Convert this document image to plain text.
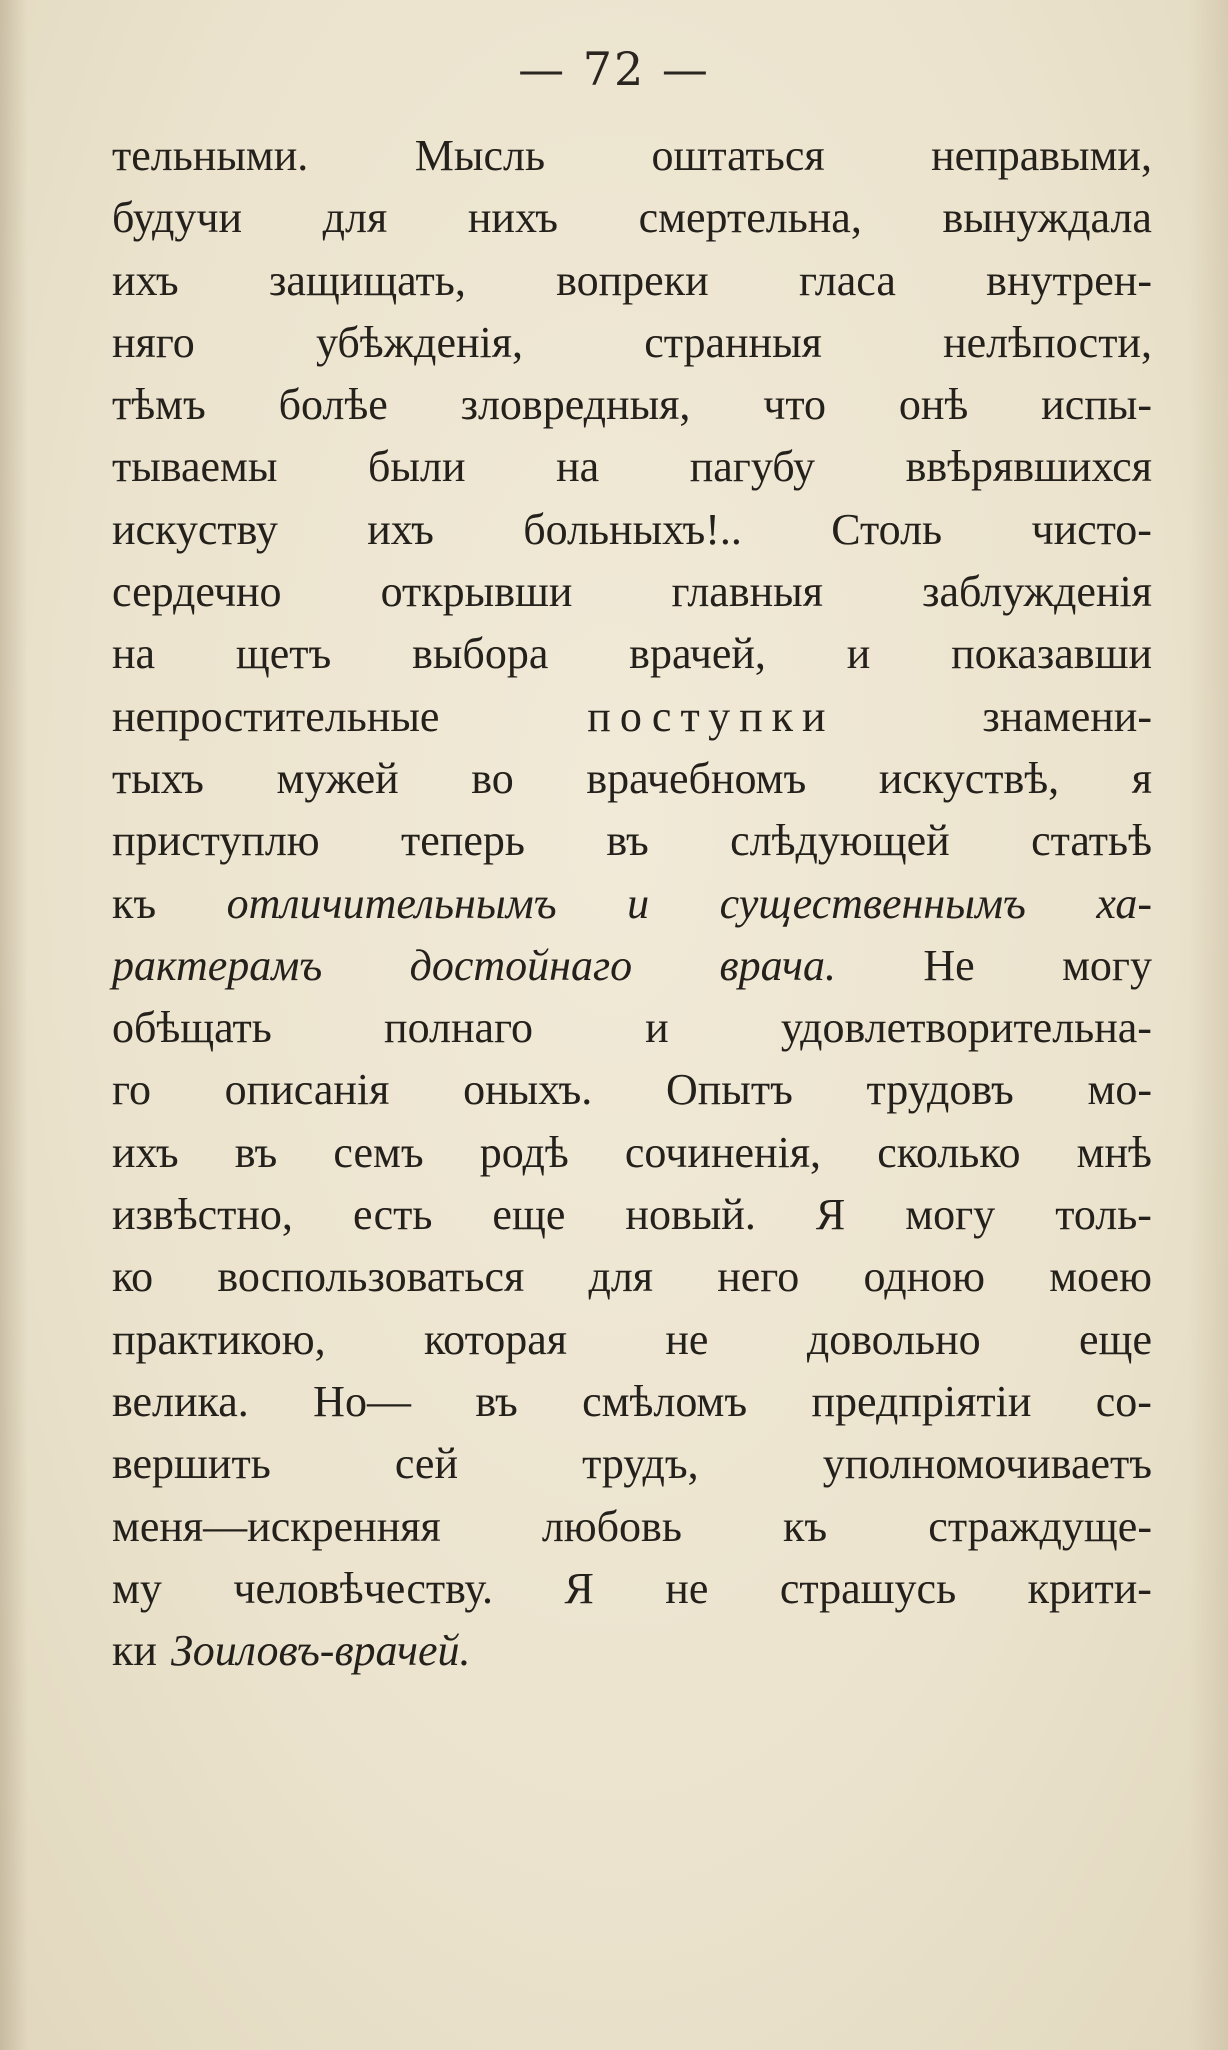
— 72 —
тельными. Мысль оштаться неправыми,
будучи для нихъ смертельна, вынуждала
ихъ защищать, вопреки гласа внутрен-
няго	убѣжденія,	странныя	нелѣпости,
тѣмъ болѣе зловредныя, что онѣ испы-
тываемы были на пагубу ввѣрявшихся
искуству ихъ больныхъ!.. Столь чисто-
сердечно открывши главныя заблужденія
на щетъ выбора врачей, и показавши
непростительные	поступки	знамени-
тыхъ мужей во врачебномъ искуствѣ, я
приступлю теперь въ слѣдующей статьѣ
къ отличительнымъ и существеннымъ ха-
рактерамъ достойнаго врача. Не могу
обѣщать	полнаго	и	удовлетворительна-
го описанія оныхъ. Опытъ трудовъ мо-
ихъ въ семъ родѣ сочиненія, сколько мнѣ
извѣстно, есть еще новый. Я могу толь-
ко воспользоваться для него одною моею
практикою, которая не довольно еще
велика. Но— въ смѣломъ предпріятіи со-
вершить	сей	трудъ,	уполномочиваетъ
меня—искренняя любовь къ страждуще-
му человѣчеству. Я не страшусь крити-
ки Зоиловъ-врачей.
